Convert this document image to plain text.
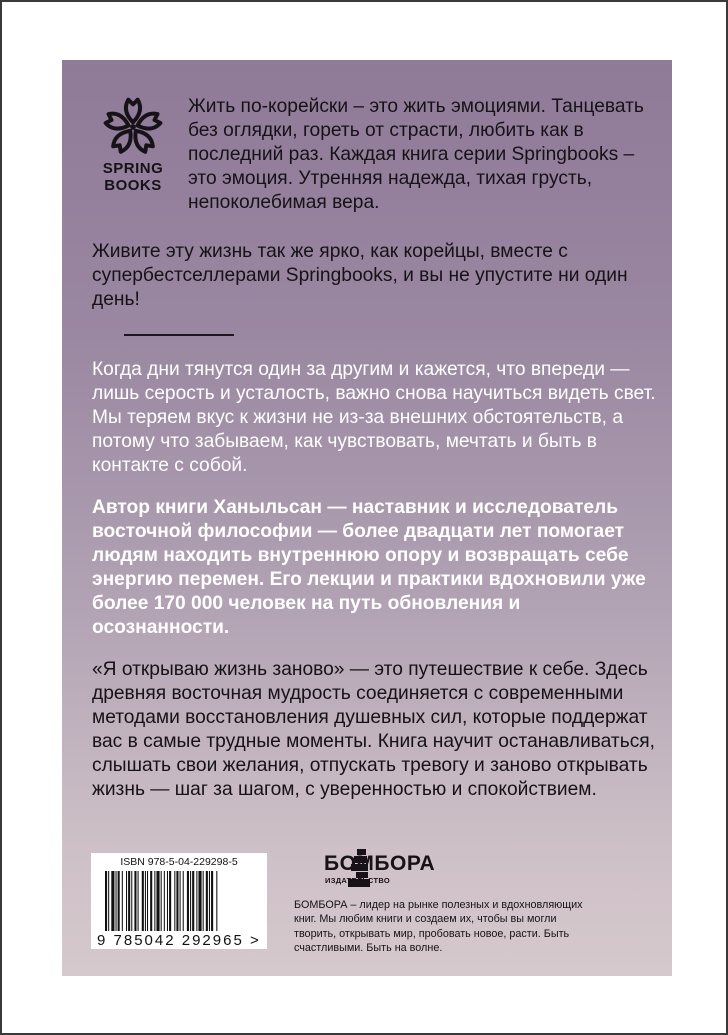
SPRING
BOOKS

Жить по-корейски – это жить эмоциями. Танцевать без оглядки, гореть от страсти, любить как в последний раз. Каждая книга серии Springbooks – это эмоция. Утренняя надежда, тихая грусть, непоколебимая вера.

Живите эту жизнь так же ярко, как корейцы, вместе с супербестселлерами Springbooks, и вы не упустите ни один день!

Когда дни тянутся один за другим и кажется, что впереди — лишь серость и усталость, важно снова научиться видеть свет. Мы теряем вкус к жизни не из-за внешних обстоятельств, а потому что забываем, как чувствовать, мечтать и быть в контакте с собой.

Автор книги Ханыльсан — наставник и исследователь восточной философии — более двадцати лет помогает людям находить внутреннюю опору и возвращать себе энергию перемен. Его лекции и практики вдохновили уже более 170 000 человек на путь обновления и осознанности.

«Я открываю жизнь заново» — это путешествие к себе. Здесь древняя восточная мудрость соединяется с современными методами восстановления душевных сил, которые поддержат вас в самые трудные моменты. Книга научит останавливаться, слышать свои желания, отпускать тревогу и заново открывать жизнь — шаг за шагом, с уверенностью и спокойствием.

ISBN 978-5-04-229298-5
9 785042 292965 >
БОМБОРА
ИЗДАТЕЛЬСТВО

БОМБОРА – лидер на рынке полезных и вдохновляющих книг. Мы любим книги и создаем их, чтобы вы могли творить, открывать мир, пробовать новое, расти. Быть счастливыми. Быть на волне.
